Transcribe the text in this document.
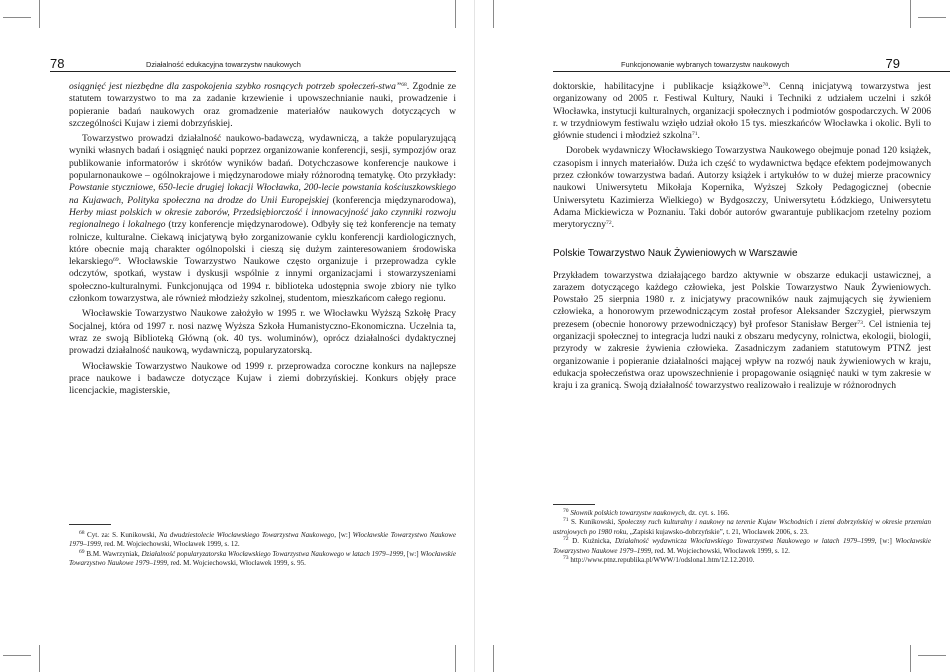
78	Działalność edukacyjna towarzystw naukowych

osiągnięć jest niezbędne dla zaspokojenia szybko rosnących potrzeb społeczeń-stwa”$^{68}$. Zgodnie ze statutem towarzystwo to ma za zadanie krzewienie i upowszechnianie nauki, prowadzenie i popieranie badań naukowych oraz gromadzenie materiałów naukowych dotyczących w szczególności Kujaw i ziemi dobrzyńskiej.

Towarzystwo prowadzi działalność naukowo-badawczą, wydawniczą, a także popularyzującą wyniki własnych badań i osiągnięć nauki poprzez organizowanie konferencji, sesji, sympozjów oraz publikowanie informatorów i skrótów wyników badań. Dotychczasowe konferencje naukowe i popularnonaukowe – ogólnokrajowe i międzynarodowe miały różnorodną tematykę. Oto przykłady: Powstanie styczniowe, 650-lecie drugiej lokacji Włocławka, 200-lecie powstania kościuszkowskiego na Kujawach, Polityka społeczna na drodze do Unii Europejskiej (konferencja międzynarodowa), Herby miast polskich w okresie zaborów, Przedsiębiorczość i innowacyjność jako czynniki rozwoju regionalnego i lokalnego (trzy konferencje międzynarodowe). Odbyły się też konferencje na tematy rolnicze, kulturalne. Ciekawą inicjatywą było zorganizowanie cyklu konferencji kardiologicznych, które obecnie mają charakter ogólnopolski i cieszą się dużym zainteresowaniem środowiska lekarskiego$^{69}$. Włocławskie Towarzystwo Naukowe często organizuje i przeprowadza cykle odczytów, spotkań, wystaw i dyskusji wspólnie z innymi organizacjami i stowarzyszeniami społeczno-kulturalnymi. Funkcjonująca od 1994 r. biblioteka udostępnia swoje zbiory nie tylko członkom towarzystwa, ale również młodzieży szkolnej, studentom, mieszkańcom całego regionu.

Włocławskie Towarzystwo Naukowe założyło w 1995 r. we Włocławku Wyższą Szkołę Pracy Socjalnej, która od 1997 r. nosi nazwę Wyższa Szkoła Humanistyczno-Ekonomiczna. Uczelnia ta, wraz ze swoją Biblioteką Główną (ok. 40 tys. woluminów), oprócz działalności dydaktycznej prowadzi działalność naukową, wydawniczą, popularyzatorską.

Włocławskie Towarzystwo Naukowe od 1999 r. przeprowadza coroczne konkurs na najlepsze prace naukowe i badawcze dotyczące Kujaw i ziemi dobrzyńskiej. Konkurs objęły prace licencjackie, magisterskie,

$^{68}$ Cyt. za: S. Kunikowski, Na dwudziestolecie Włocławskiego Towarzystwa Naukowego, [w:] Włocławskie Towarzystwo Naukowe 1979–1999, red. M. Wojciechowski, Włocławek 1999, s. 12.

$^{69}$ B.M. Wawrzyniak, Działalność popularyzatorska Włocławskiego Towarzystwa Naukowego w latach 1979–1999, [w:] Włocławskie Towarzystwo Naukowe 1979–1999, red. M. Wojciechowski, Włocławek 1999, s. 95.

79
Funkcjonowanie wybranych towarzystw naukowych

doktorskie, habilitacyjne i publikacje książkowe$^{70}$. Cenną inicjatywą towarzystwa jest organizowany od 2005 r. Festiwal Kultury, Nauki i Techniki z udziałem uczelni i szkół Włocławka, instytucji kulturalnych, organizacji społecznych i podmiotów gospodarczych. W 2006 r. w trzydniowym festiwalu wzięło udział około 15 tys. mieszkańców Włocławka i okolic. Byli to głównie studenci i młodzież szkolna$^{71}$.

Dorobek wydawniczy Włocławskiego Towarzystwa Naukowego obejmuje ponad 120 książek, czasopism i innych materiałów. Duża ich część to wydawnictwa będące efektem podejmowanych przez członków towarzystwa badań. Autorzy książek i artykułów to w dużej mierze pracownicy naukowi Uniwersytetu Mikołaja Kopernika, Wyższej Szkoły Pedagogicznej (obecnie Uniwersytetu Kazimierza Wielkiego) w Bydgoszczy, Uniwersytetu Łódzkiego, Uniwersytetu Adama Mickiewicza w Poznaniu. Taki dobór autorów gwarantuje publikacjom rzetelny poziom merytoryczny$^{72}$.

Polskie Towarzystwo Nauk Żywieniowych w Warszawie

Przykładem towarzystwa działającego bardzo aktywnie w obszarze edukacji ustawicznej, a zarazem dotyczącego każdego człowieka, jest Polskie Towarzystwo Nauk Żywieniowych. Powstało 25 sierpnia 1980 r. z inicjatywy pracowników nauk zajmujących się żywieniem człowieka, a honorowym przewodniczącym został profesor Aleksander Szczygieł, pierwszym prezesem (obecnie honorowy przewodniczący) był profesor Stanisław Berger$^{73}$. Cel istnienia tej organizacji społecznej to integracja ludzi nauki z obszaru medycyny, rolnictwa, ekologii, biologii, przyrody w zakresie żywienia człowieka. Zasadniczym zadaniem statutowym PTNŻ jest organizowanie i popieranie działalności mającej wpływ na rozwój nauk żywieniowych w kraju, edukacja społeczeństwa oraz upowszechnienie i propagowanie osiągnięć nauki w tym zakresie w kraju i za granicą. Swoją działalność towarzystwo realizowało i realizuje w różnorodnych

$^{70}$ Słownik polskich towarzystw naukowych, dz. cyt. s. 166.

$^{71}$ S. Kunikowski, Społeczny ruch kulturalny i naukowy na terenie Kujaw Wschodnich i ziemi dobrzyńskiej w okresie przemian ustrojowych po 1980 roku, „Zapiski kujawsko-dobrzyńskie”, t. 21, Włocławek 2006, s. 23.

$^{72}$ D. Kuźnicka, Działalność wydawnicza Włocławskiego Towarzystwa Naukowego w latach 1979–1999, [w:] Włocławskie Towarzystwo Naukowe 1979–1999, red. M. Wojciechowski, Włocławek 1999, s. 12.

$^{73}$ http://www.ptnz.republika.pl/WWW/1/odslona1.htm/12.12.2010.
